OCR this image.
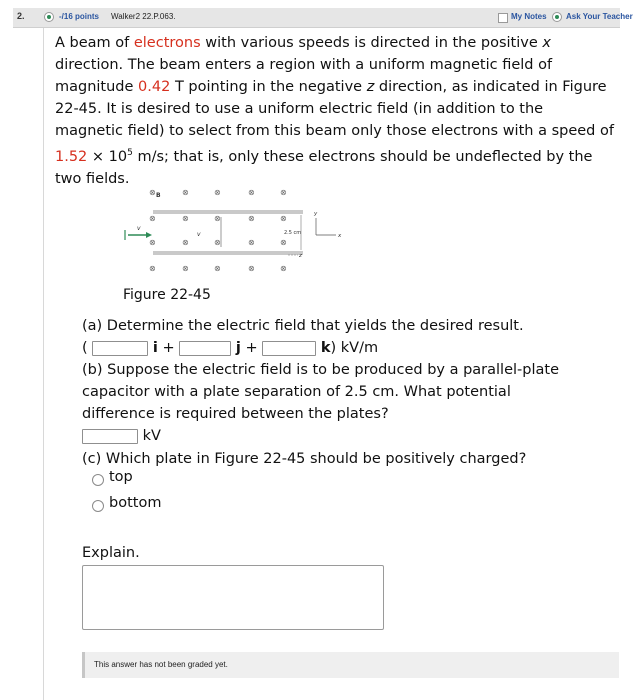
2.	-/16 points Walker2 22.P.063.	My Notes Ask Your Teacher
A beam of electrons with various speeds is directed in the positive x direction. The beam enters a region with a uniform magnetic field of magnitude 0.42 T pointing in the negative z direction, as indicated in Figure 22-45. It is desired to use a uniform electric field (in addition to the magnetic field) to select from this beam only those electrons with a speed of $1.52 \times 10^5$ m/s; that is, only these electrons should be undeflected by the two fields.
⊗	⊗	⊗	⊗	⊗
⊗	⊗	⊗	⊗	⊗
⊗	⊗	⊗	⊗	⊗
⊗	⊗	⊗	⊗	⊗
v
v
B
2.5 cm	x
y
z
Figure 22-45
(a) Determine the electric field that yields the desired result.
(	i +	j +	k) kV/m
(b) Suppose the electric field is to be produced by a parallel-plate capacitor with a plate separation of 2.5 cm. What potential difference is required between the plates?
kV
(c) Which plate in Figure 22-45 should be positively charged?
top
bottom
Explain.
This answer has not been graded yet.
